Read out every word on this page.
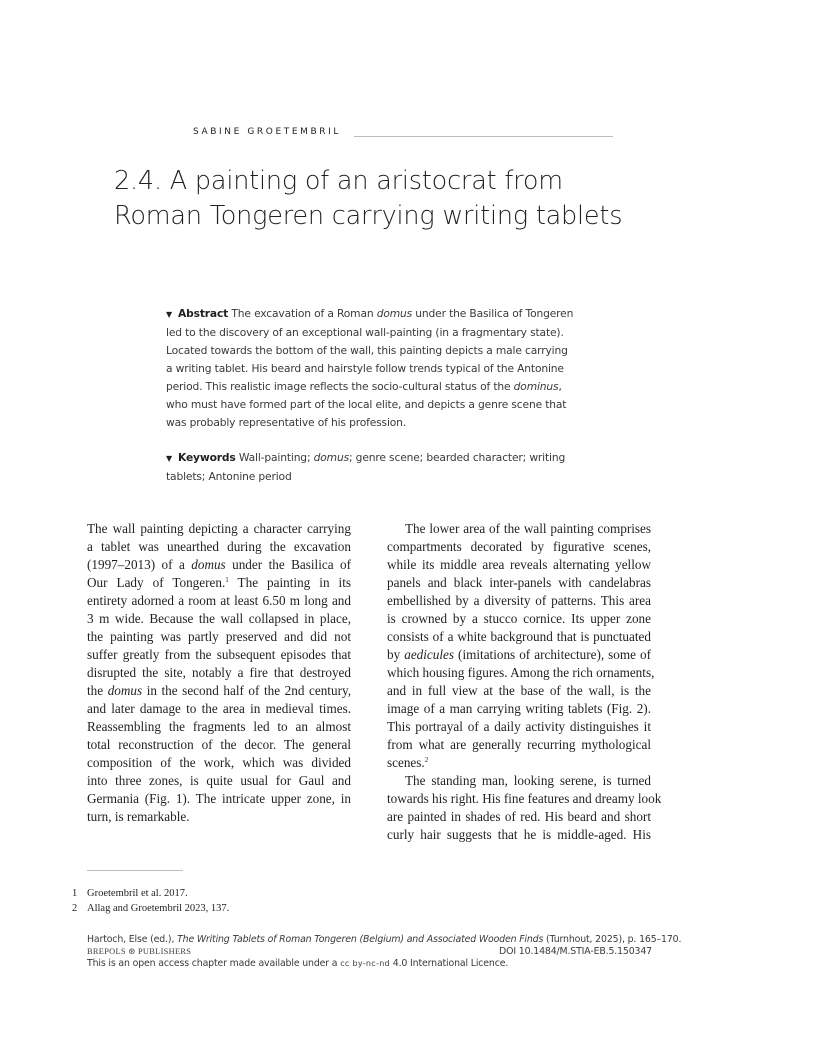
SABINE GROETEMBRIL
2.4. A painting of an aristocrat from
Roman Tongeren carrying writing tablets
▼ Abstract The excavation of a Roman domus under the Basilica of Tongeren
led to the discovery of an exceptional wall-painting (in a fragmentary state).
Located towards the bottom of the wall, this painting depicts a male carrying
a writing tablet. His beard and hairstyle follow trends typical of the Antonine
period. This realistic image reflects the socio-cultural status of the dominus,
who must have formed part of the local elite, and depicts a genre scene that
was probably representative of his profession.
▼ Keywords Wall-painting; domus; genre scene; bearded character; writing
tablets; Antonine period
The wall painting depicting a character carrying
a tablet was unearthed during the excavation
(1997–2013) of a domus under the Basilica of
Our Lady of Tongeren.$^1$ The painting in its
entirety adorned a room at least 6.50 m long and
3 m wide. Because the wall collapsed in place,
the painting was partly preserved and did not
suffer greatly from the subsequent episodes that
disrupted the site, notably a fire that destroyed
the domus in the second half of the 2nd century,
and later damage to the area in medieval times.
Reassembling the fragments led to an almost
total reconstruction of the decor. The general
composition of the work, which was divided
into three zones, is quite usual for Gaul and
Germania (Fig. 1). The intricate upper zone, in
turn, is remarkable.
The lower area of the wall painting comprises
compartments decorated by figurative scenes,
while its middle area reveals alternating yellow
panels and black inter-panels with candelabras
embellished by a diversity of patterns. This area
is crowned by a stucco cornice. Its upper zone
consists of a white background that is punctuated
by aedicules (imitations of architecture), some of
which housing figures. Among the rich ornaments,
and in full view at the base of the wall, is the
image of a man carrying writing tablets (Fig. 2).
This portrayal of a daily activity distinguishes it
from what are generally recurring mythological
scenes.$^2$
The standing man, looking serene, is turned
towards his right. His fine features and dreamy look
are painted in shades of red. His beard and short
curly hair suggests that he is middle-aged. His
1 Groetembril et al. 2017.
2 Allag and Groetembril 2023, 137.
Hartoch, Else (ed.), The Writing Tablets of Roman Tongeren (Belgium) and Associated Wooden Finds (Turnhout, 2025), p. 165–170.
BREPOLS ⊛ PUBLISHERS	DOI 10.1484/M.STIA-EB.5.150347
This is an open access chapter made available under a cc by-nc-nd 4.0 International Licence.
